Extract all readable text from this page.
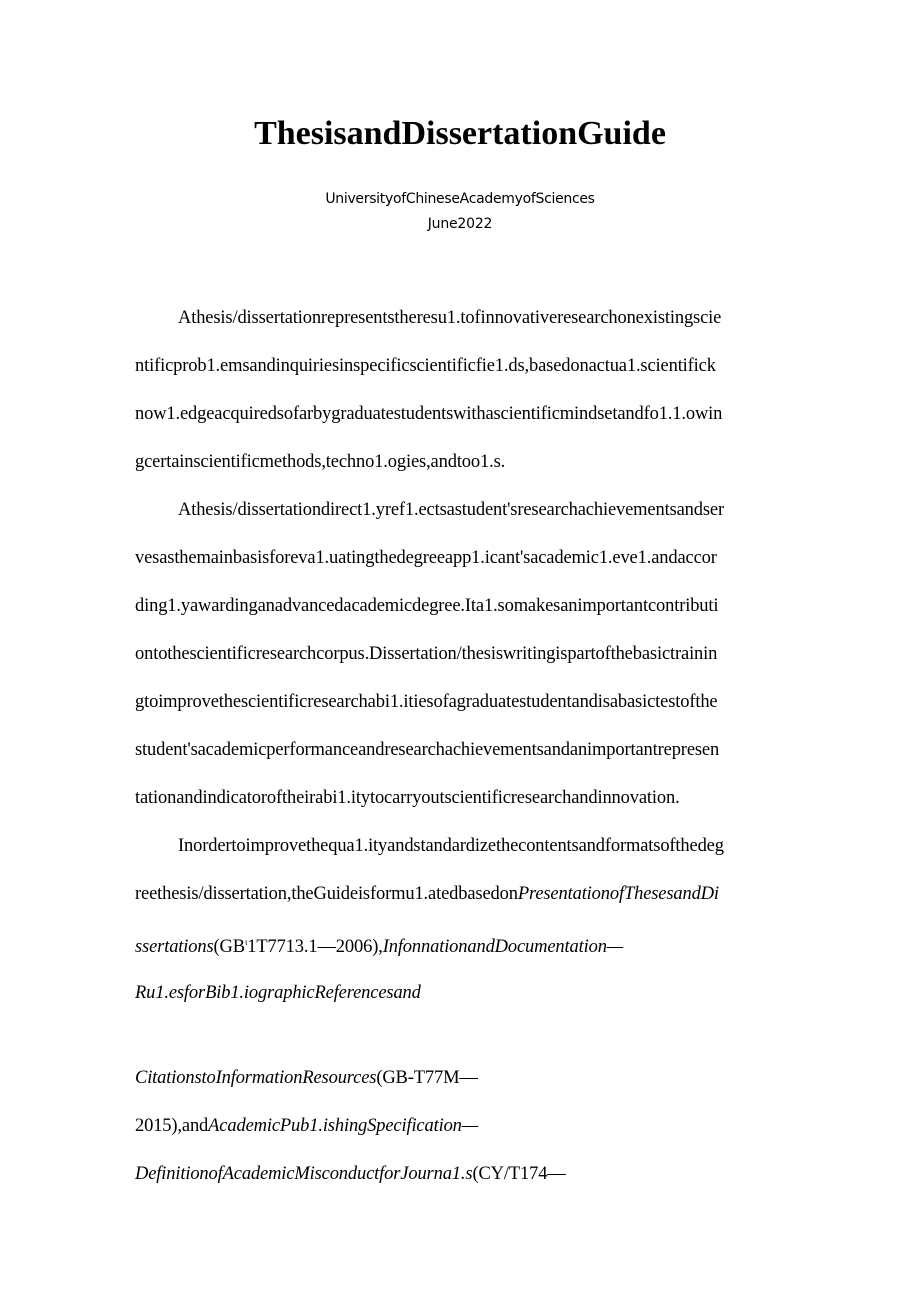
ThesisandDissertationGuide

UniversityofChineseAcademyofSciences

June2022

Athesis/dissertationrepresentstheresu1.tofinnovativeresearchonexistingscie

ntificprob1.emsandinquiriesinspecificscientificfie1.ds,basedonactua1.scientifick

now1.edgeacquiredsofarbygraduatestudentswithascientificmindsetandfo1.1.owin

gcertainscientificmethods,techno1.ogies,andtoo1.s.

Athesis/dissertationdirect1.yref1.ectsastudent'sresearchachievementsandser

vesasthemainbasisforeva1.uatingthedegreeapp1.icant'sacademic1.eve1.andaccor

ding1.yawardinganadvancedacademicdegree.Ita1.somakesanimportantcontributi

ontothescientificresearchcorpus.Dissertation/thesiswritingispartofthebasictrainin

gtoimprovethescientificresearchabi1.itiesofagraduatestudentandisabasictestofthe

student'sacademicperformanceandresearchachievementsandanimportantrepresen

tationandindicatoroftheirabi1.itytocarryoutscientificresearchandinnovation.

Inordertoimprovethequa1.ityandstandardizethecontentsandformatsofthedeg

reethesis/dissertation,theGuideisformu1.atedbasedonPresentationofThesesandDi

$ssertations(GB^\iota 1T7713.1—2006),InfonnationandDocumentation—$

Ru1.esforBib1.iographicReferencesand

CitationstoInformationResources(GB-T77M—

2015),andAcademicPub1.ishingSpecification—

DefinitionofAcademicMisconductforJourna1.s(CY/T174—
